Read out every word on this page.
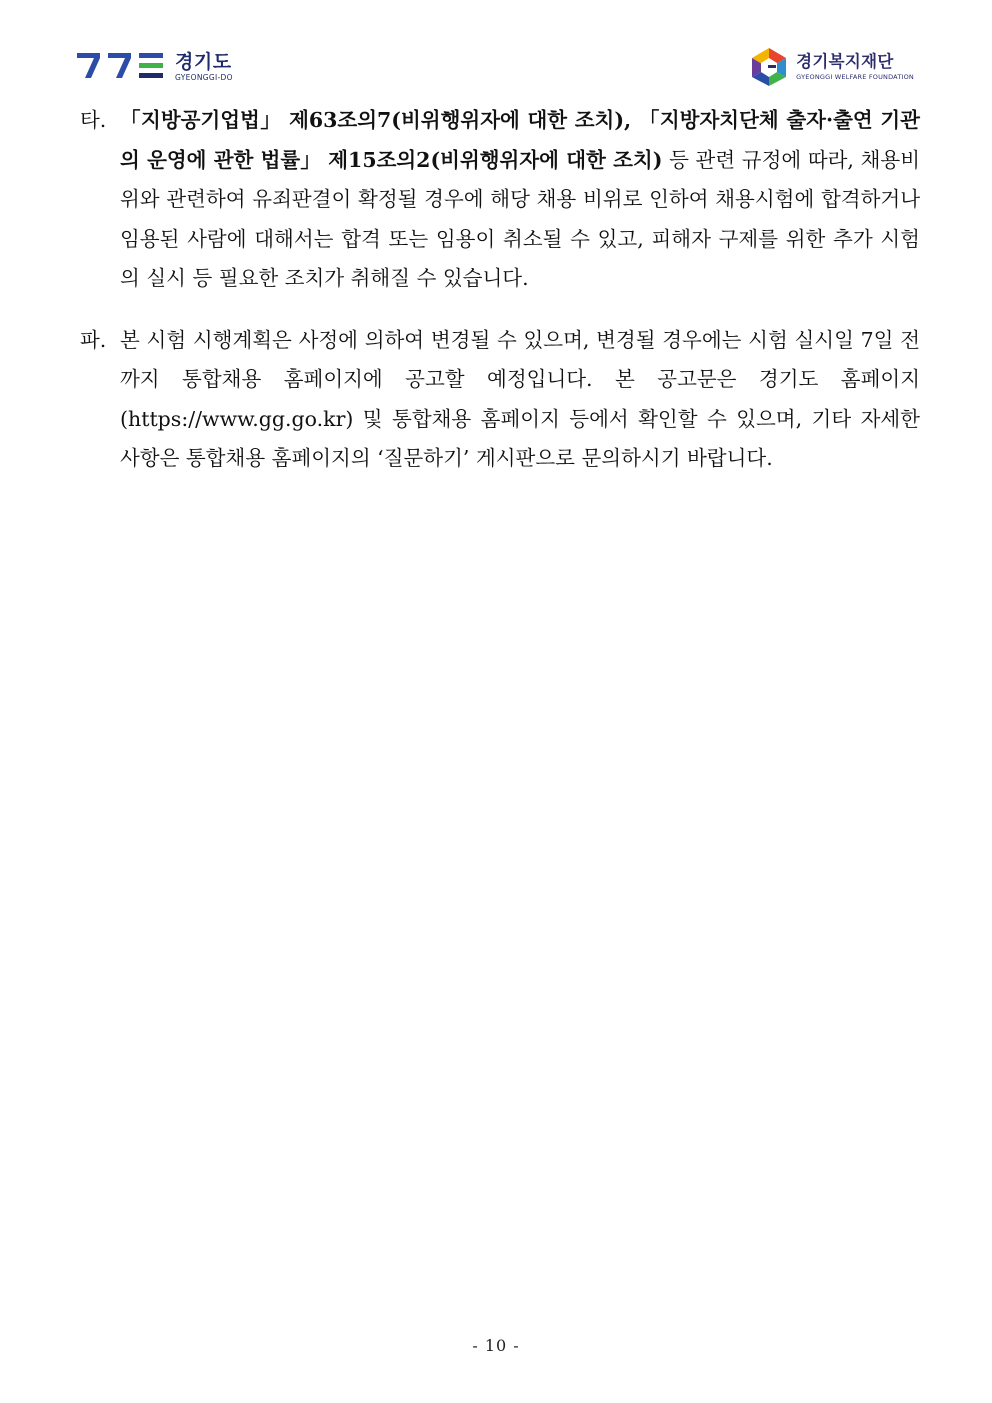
경기도
GYEONGGI-DO
경기복지재단
GYEONGGI WELFARE FOUNDATION
타. 「지방공기업법」 제63조의7(비위행위자에 대한 조치), 「지방자치단체 출자·출연 기관의 운영에 관한 법률」 제15조의2(비위행위자에 대한 조치) 등 관련 규정에 따라, 채용비위와 관련하여 유죄판결이 확정될 경우에 해당 채용 비위로 인하여 채용시험에 합격하거나 임용된 사람에 대해서는 합격 또는 임용이 취소될 수 있고, 피해자 구제를 위한 추가 시험의 실시 등 필요한 조치가 취해질 수 있습니다.
파. 본 시험 시행계획은 사정에 의하여 변경될 수 있으며, 변경될 경우에는 시험 실시일 7일 전까지 통합채용 홈페이지에 공고할 예정입니다. 본 공고문은 경기도 홈페이지(https://www.gg.go.kr) 및 통합채용 홈페이지 등에서 확인할 수 있으며, 기타 자세한 사항은 통합채용 홈페이지의 ‘질문하기’ 게시판으로 문의하시기 바랍니다.
- 10 -
